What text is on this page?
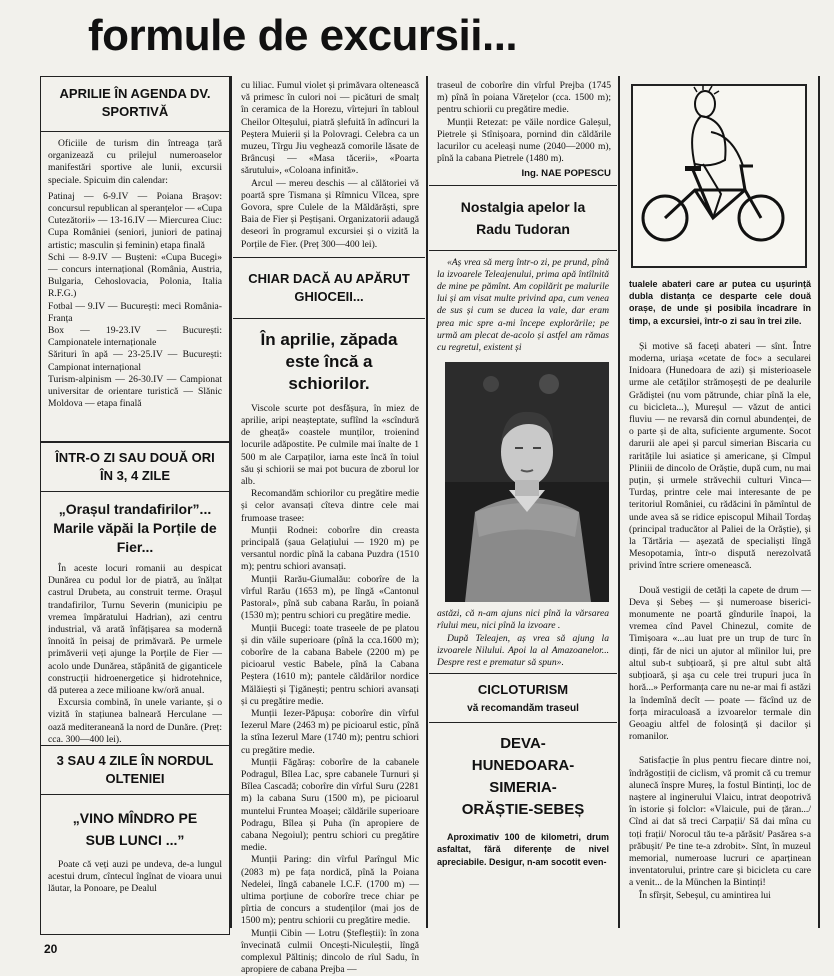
formule de excursii...
APRILIE ÎN AGENDA DV. SPORTIVĂ

Oficiile de turism din întreaga țară organizează cu prilejul numeroaselor manifestări sportive ale lunii, excursii speciale. Spicuim din calendar:

Patinaj — 6-9.IV — Poiana Brașov: concursul republican al speranțelor — «Cupa Cutezătorii» — 13-16.IV — Miercurea Ciuc: Cupa României (seniori, juniori de patinaj artistic; masculin și feminin) etapa finală

Schi — 8-9.IV — Bușteni: «Cupa Bucegi» — concurs internațional (România, Austria, Bulgaria, Cehoslovacia, Polonia, Italia R.F.G.)

Fotbal — 9.IV — București: meci România-Franța

Box — 19-23.IV — București: Campionatele internaționale

Sărituri în apă — 23-25.IV — București: Campionat internațional

Turism-alpinism — 26-30.IV — Campionat universitar de orientare turistică — Slănic Moldova — etapa finală

ÎNTR-O ZI SAU DOUĂ ORI ÎN 3, 4 ZILE
„Orașul trandafirilor”... Marile văpăi la Porțile de Fier...

În aceste locuri romanii au despicat Dunărea cu podul lor de piatră, au înălțat castrul Drubeta, au construit terme. Orașul trandafirilor, Turnu Severin (municipiu pe vremea împăratului Hadrian), azi centru industrial, vă arată înfățișarea sa modernă înnoită în peisaj de primăvară. Pe urmele primăverii veți ajunge la Porțile de Fier — acolo unde Dunărea, stăpânită de giganticele construcții hidroenergetice și hidrotehnice, dă puterea a zece milioane kw/oră anual.

Excursia combină, în unele variante, și o vizită în stațiunea balneară Herculane — oază mediteraneană la nord de Dunăre. (Preț: cca. 300—400 lei).

3 SAU 4 ZILE ÎN NORDUL OLTENIEI
„VINO MÎNDRO PE SUB LUNCI ...”

Poate că veți auzi pe undeva, de-a lungul acestui drum, cîntecul îngînat de vioara unui lăutar, la Ponoare, pe Dealul

cu liliac. Fumul violet și primăvara oltenească vă primesc în culori noi — picături de smalț în ceramica de la Horezu, vîrtejuri în tabloul Cheilor Olteșului, piatră șlefuită în adîncuri la Peștera Muierii și la Polovragi. Celebra ca un muzeu, Tîrgu Jiu veghează comorile lăsate de Brâncuși — «Masa tăcerii», «Poarta sărutului», «Coloana infinită».

Arcul — mereu deschis — al călătoriei vă poartă spre Tismana și Rîmnicu Vîlcea, spre Govora, spre Culele de la Măldărăști, spre Baia de Fier și Peștișani. Organizatorii adaugă deseori în programul excursiei și o vizită la Porțile de Fier. (Preț 300—400 lei).

CHIAR DACĂ AU APĂRUT GHIOCEII...
În aprilie, zăpada este încă a schiorilor.

Viscole scurte pot desfășura, în miez de aprilie, aripi neașteptate, suflînd la «scîndură de gheață» coastele munților, troienind locurile adăpostite. Pe culmile mai înalte de 1 500 m ale Carpaților, iarna este încă în toiul său și schiorii se mai pot bucura de zborul lor alb.

Recomandăm schiorilor cu pregătire medie și celor avansați cîteva dintre cele mai frumoase trasee:

Munții Rodnei: coborîre din creasta principală (șaua Gelațiului — 1920 m) pe versantul nordic pînă la cabana Puzdra (1510 m); pentru schiori avansați.

Munții Rarău-Giumalău: coborîre de la vîrful Rarău (1653 m), pe lîngă «Cantonul Pastoral», pînă sub cabana Rarău, în poiană (1530 m); pentru schiori cu pregătire medie.

Munții Bucegi: toate traseele de pe platou și din văile superioare (pînă la cca.1600 m); coborîre de la cabana Babele (2200 m) pe picioarul vestic Babele, pînă la Cabana Peștera (1610 m); pantele căldărilor nordice Mălăiești și Țigănești; pentru schiori avansați și cu pregătire medie.

Munții Iezer-Păpușa: coborîre din vîrful Iezerul Mare (2463 m) pe picioarul estic, pînă la stîna Iezerul Mare (1740 m); pentru schiori cu pregătire medie.

Munții Făgăraș: coborîre de la cabanele Podragul, Bîlea Lac, spre cabanele Turnuri și Bîlea Cascadă; coborîre din vîrful Suru (2281 m) la cabana Suru (1500 m), pe picioarul muntelui Fruntea Moașei; căldările superioare Podragu, Bîlea și Puha (în apropiere de cabana Negoiul); pentru schiori cu pregătire medie.

Munții Paring: din vîrful Parîngul Mic (2083 m) pe fața nordică, pînă la Poiana Nedelei, lîngă cabanele I.C.F. (1700 m) — ultima porțiune de coborîre trece chiar pe pîrtia de concurs a studenților (mai jos de 1500 m); pentru schiorii cu pregătire medie.

Munții Cibin — Lotru (Ștefleștii): în zona învecinată culmii Oncești-Niculeștii, lîngă complexul Păltiniș; dincolo de rîul Sadu, în apropiere de cabana Prejba —

traseul de coborîre din vîrful Prejba (1745 m) pînă în poiana Vărețelor (cca. 1500 m); pentru schiorii cu pregătire medie.

Munții Retezat: pe văile nordice Galeșul, Pietrele și Stînișoara, pornind din căldările lacurilor cu aceleași nume (2040—2000 m), pînă la cabana Pietrele (1480 m).

Ing. NAE POPESCU

Nostalgia apelor la Radu Tudoran

«Aș vrea să merg într-o zi, pe prund, pînă la izvoarele Teleajenului, prima apă întîlnită de mine pe pămînt. Am copilărit pe malurile lui și am visat multe privind apa, cum venea de sus și cum se ducea la vale, dar eram prea mic spre a-mi începe explorările; pe urmă am plecat de-acolo și astfel am rămas cu regretul, existent și

astăzi, că n-am ajuns nici pînă la vărsarea rîului meu, nici pînă la izvoare .

După Teleajen, aș vrea să ajung la izvoarele Nilului. Apoi la al Amazoanelor... Despre rest e prematur să spun».

CICLOTURISM
vă recomandăm traseul
DEVA-HUNEDOARA-SIMERIA-ORĂȘTIE-SEBEȘ

Aproximativ 100 de kilometri, drum asfaltat, fără diferențe de nivel apreciabile. Desigur, n-am socotit even-

tualele abateri care ar putea cu ușurință dubla distanța ce desparte cele două orașe, de unde și posibila încadrare în timp, a excursiei, într-o zi sau în trei zile.

Și motive să faceți abateri — sînt. Între moderna, uriașa «cetate de foc» a secularei Inidoara (Hunedoara de azi) și misterioasele urme ale cetăților strămoșești de pe dealurile Grădiștei (nu vom pătrunde, chiar pînă la ele, cu bicicleta...), Mureșul — văzut de antici fluviu — ne revarsă din cornul abundenței, de o parte și de alta, suficiente argumente. Socot darurii ale apei și parcul simerian Biscaria cu raritățile lui asiatice și americane, și Cîmpul Pliniii de dincolo de Orăștie, după cum, nu mai puțin, și urmele străvechii culturi Vinca—Turdaș, printre cele mai interesante de pe teritoriul României, cu rădăcini în pămîntul de unde avea să se ridice episcopul Mihail Tordaș (principal traducător al Paliei de la Orăștie), și la Tărtăria — așezată de specialiști lîngă Mesopotamia, într-o dispută nerezolvată privind între scriere omenească.

Două vestigii de cetăți la capete de drum — Deva și Sebeș — și numeroase biserici-monumente ne poartă gîndurile înapoi, la vremea cînd Pavel Chinezul, comite de Timișoara «...au luat pre un trup de turc în dinți, făr de nici un ajutor al mîinilor lui, pre altul sub-t subțioară, și pre altul subt altă subțioară, și aşa cu cele trei trupuri juca în horă...» Performanța care nu ne-ar mai fi astăzi la îndemînă decît — poate — făcînd uz de forța miraculoasă a izvoarelor termale din Geoagiu altfel de folosință și dacilor și romanilor.

Satisfacție în plus pentru fiecare dintre noi, îndrăgostiții de ciclism, vă promit că cu tremur alunecă înspre Mureș, la fostul Bintinți, loc de naștere al inginerului Vlaicu, intrat deopotrivă în istorie și folclor: «Vlaicule, pui de țăran.../ Cînd ai dat să treci Carpații/ Să dai mîna cu toți frații/ Norocul tău te-a părăsit/ Pasărea s-a prăbușit/ Pe tine te-a zdrobit». Sînt, în muzeul memorial, numeroase lucruri ce aparținean inventatorului, printre care și bicicleta cu care a venit... de la München la Bintinți!

În sfîrșit, Sebeșul, cu amintirea lui

20
